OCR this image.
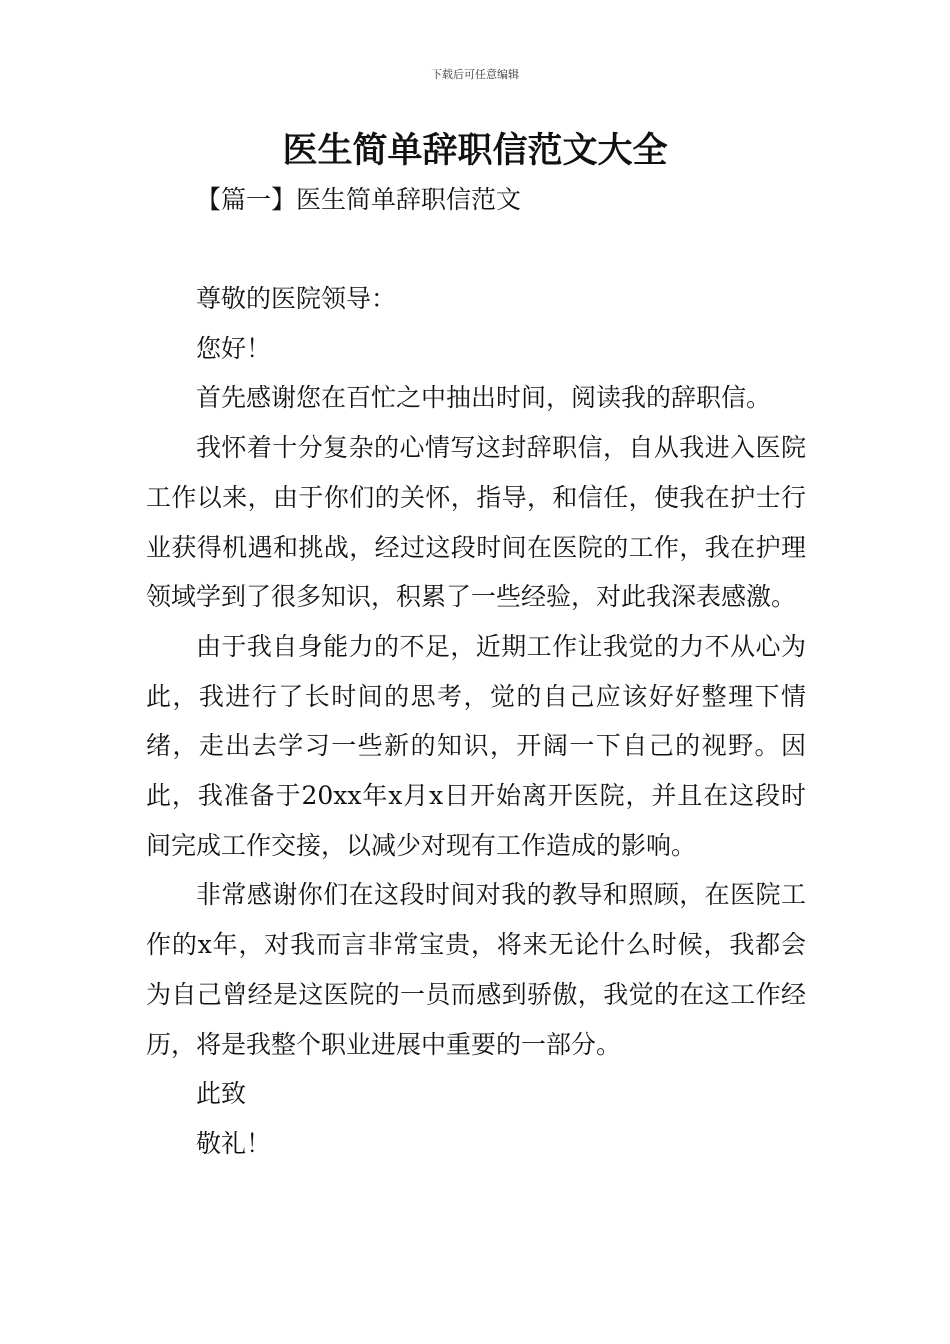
下载后可任意编辑
医生简单辞职信范文大全
【篇一】医生简单辞职信范文

尊敬的医院领导：

您好！

首先感谢您在百忙之中抽出时间，阅读我的辞职信。

我怀着十分复杂的心情写这封辞职信，自从我进入医院工作以来，由于你们的关怀，指导，和信任，使我在护士行业获得机遇和挑战，经过这段时间在医院的工作，我在护理领域学到了很多知识，积累了一些经验，对此我深表感激。

由于我自身能力的不足，近期工作让我觉的力不从心为此，我进行了长时间的思考，觉的自己应该好好整理下情绪，走出去学习一些新的知识，开阔一下自己的视野。因此，我准备于20xx年x月x日开始离开医院，并且在这段时间完成工作交接，以减少对现有工作造成的影响。

非常感谢你们在这段时间对我的教导和照顾，在医院工作的x年，对我而言非常宝贵，将来无论什么时候，我都会为自己曾经是这医院的一员而感到骄傲，我觉的在这工作经历，将是我整个职业进展中重要的一部分。

此致

敬礼！
